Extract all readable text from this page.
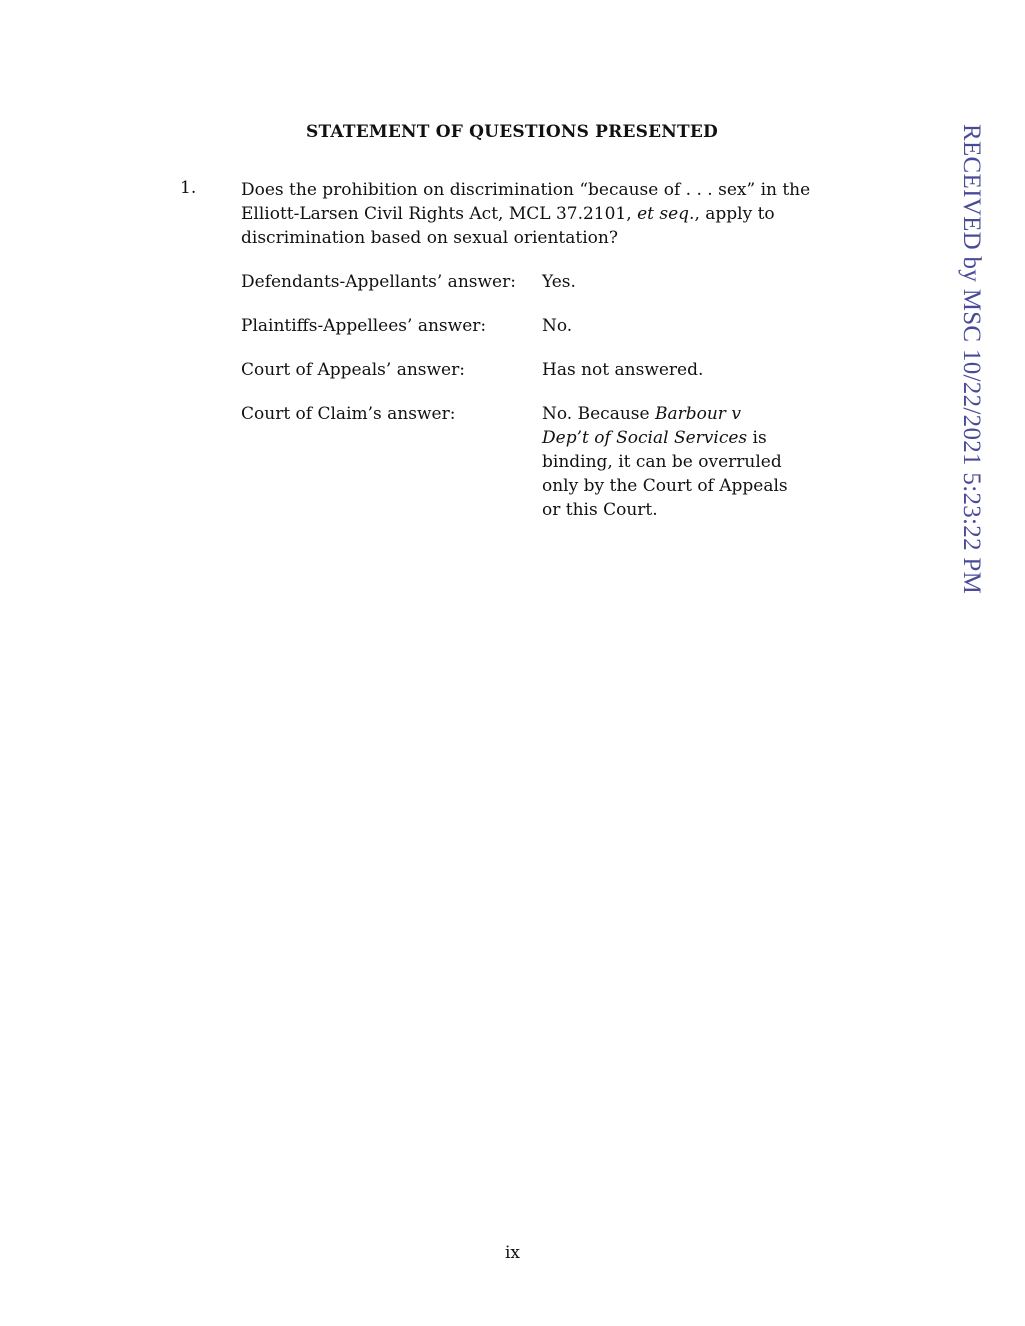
STATEMENT OF QUESTIONS PRESENTED
1.	Does the prohibition on discrimination “because of . . . sex” in the Elliott-Larsen Civil Rights Act, MCL 37.2101, et seq., apply to discrimination based on sexual orientation?
Defendants-Appellants’ answer: Yes.
Plaintiffs-Appellees’ answer:	No.
Court of Appeals’ answer:	Has not answered.
Court of Claim’s answer:	No. Because Barbour v Dep’t of Social Services is binding, it can be overruled only by the Court of Appeals or this Court.	RECEIVED by MSC 10/22/2021 5:23:22 PM
ix
